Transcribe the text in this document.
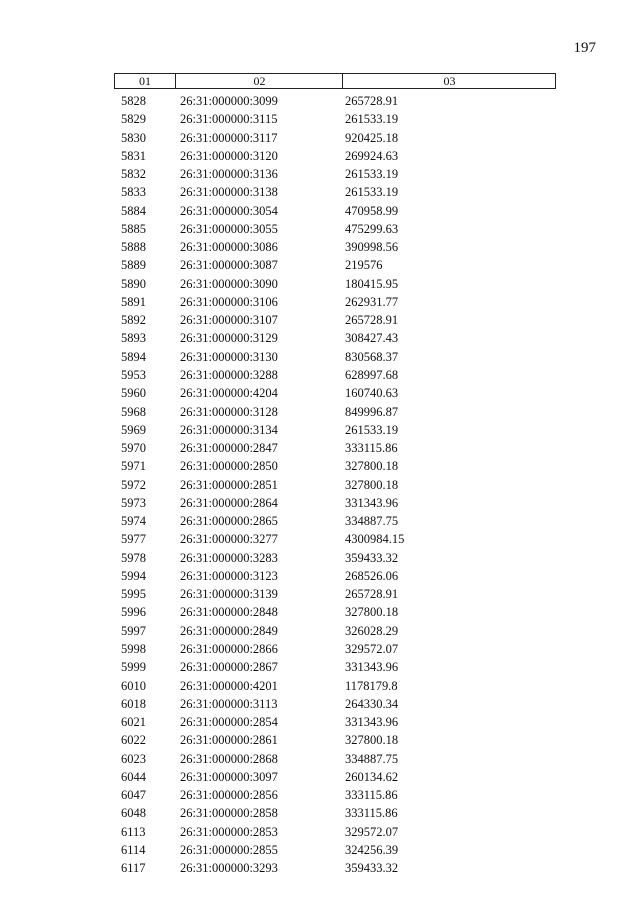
197
01	02	03
5828	26:31:000000:3099	265728.91
5829	26:31:000000:3115	261533.19
5830	26:31:000000:3117	920425.18
5831	26:31:000000:3120	269924.63
5832	26:31:000000:3136	261533.19
5833	26:31:000000:3138	261533.19
5884	26:31:000000:3054	470958.99
5885	26:31:000000:3055	475299.63
5888	26:31:000000:3086	390998.56
5889	26:31:000000:3087	219576
5890	26:31:000000:3090	180415.95
5891	26:31:000000:3106	262931.77
5892	26:31:000000:3107	265728.91
5893	26:31:000000:3129	308427.43
5894	26:31:000000:3130	830568.37
5953	26:31:000000:3288	628997.68
5960	26:31:000000:4204	160740.63
5968	26:31:000000:3128	849996.87
5969	26:31:000000:3134	261533.19
5970	26:31:000000:2847	333115.86
5971	26:31:000000:2850	327800.18
5972	26:31:000000:2851	327800.18
5973	26:31:000000:2864	331343.96
5974	26:31:000000:2865	334887.75
5977	26:31:000000:3277	4300984.15
5978	26:31:000000:3283	359433.32
5994	26:31:000000:3123	268526.06
5995	26:31:000000:3139	265728.91
5996	26:31:000000:2848	327800.18
5997	26:31:000000:2849	326028.29
5998	26:31:000000:2866	329572.07
5999	26:31:000000:2867	331343.96
6010	26:31:000000:4201	1178179.8
6018	26:31:000000:3113	264330.34
6021	26:31:000000:2854	331343.96
6022	26:31:000000:2861	327800.18
6023	26:31:000000:2868	334887.75
6044	26:31:000000:3097	260134.62
6047	26:31:000000:2856	333115.86
6048	26:31:000000:2858	333115.86
6113	26:31:000000:2853	329572.07
6114	26:31:000000:2855	324256.39
6117	26:31:000000:3293	359433.32
